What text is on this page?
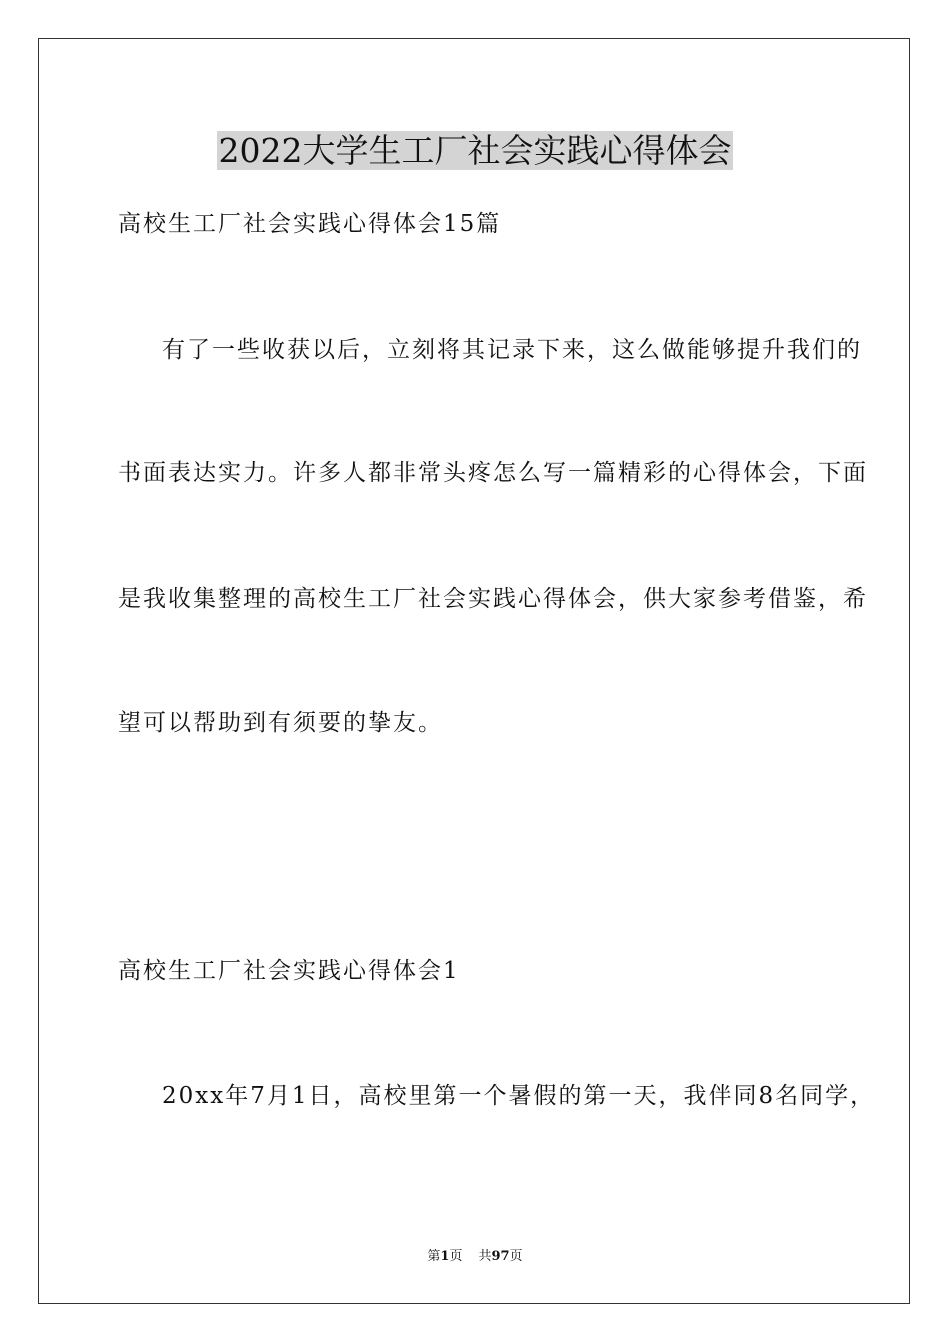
2022大学生工厂社会实践心得体会

高校生工厂社会实践心得体会15篇

有了一些收获以后，立刻将其记录下来，这么做能够提升我们的

书面表达实力。许多人都非常头疼怎么写一篇精彩的心得体会，下面

是我收集整理的高校生工厂社会实践心得体会，供大家参考借鉴，希

望可以帮助到有须要的挚友。

高校生工厂社会实践心得体会1

20xx年7月1日，高校里第一个暑假的第一天，我伴同8名同学，

第1页 共97页
